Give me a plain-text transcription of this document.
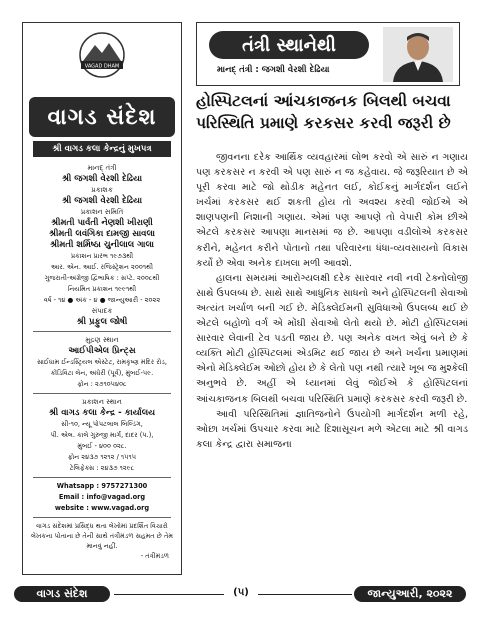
VAGAD DHAM
વાગડ સંદેશ
શ્રી વાગડ કલા કેન્દ્રનું મુખપત્ર
માનદ્ તંત્રી
શ્રી જગશી વેરશી દેઢિયા
પ્રકાશક
શ્રી જગશી વેરશી દેઢિયા
પ્રકાશન સમિતિ
શ્રીમતી પાર્વતી નેણશી ખીરાણી
શ્રીમતી લવંગિકા દામજી સાવલા
શ્રીમતી શર્મિષ્ઠા ચુનીલાલ ગાલા
પ્રકાશન પ્રારંભ ૧૯૭૩થી
આર. એન. આઈ. રજિસ્ટ્રેશન ૨૦૦૧થી
ગુજરાતી-અંગ્રેજી દ્વિભાષિક : સપ્ટે. ૨૦૦૮થી
નિયમિત પ્રકાશન ૧૯૯૧થી
વર્ષ - ૧૪ ● અંક - ૪ ● જાન્યુઆરી - ૨૦૨૨
સંપાદક
શ્રી પ્રફુલ જોષી
મુદ્રણ સ્થાન
આઈપીએલ પ્રિન્ટ્સ
સાઈધામ ઈન્ડસ્ટ્રિયલ એસ્ટેટ, રામકૃષ્ણ મંદિર રોડ,
કોંડિવિટા લેન, અંધેરી (પૂર્વ), મુંબઈ-૫૯.
ફોન : ૨૭૧૦૫૪૦૮
પ્રકાશન સ્થાન
શ્રી વાગડ કલા કેન્દ્ર - કાર્યાલય
સી-૧૦, ન્યૂ પોપટલાલ બિલ્ડિંગ,
પી. એલ. કાલે ગુરુજી માર્ગ, દાદર (પ.),
મુંબઈ - ૪૦૦ ૦૨૮.
ફોન ૨૪૩૭ ૧૨૧૨ / ૧૫૧૫
ટેલિફેક્સ : ૨૪૩૭ ૧૨૯૮
Whatsapp : 9757271300
Email : info@vagad.org
website : www.vagad.org
વાગડ સંદેશમાં પ્રસિદ્ધ થતા લેખોમાં પ્રદર્શિત વિચારો લેખકના પોતાના છે તેની સાથે તંત્રીમંડળ સહમત છે તેમ માનવું નહીં.
- તંત્રીમંડળ
તંત્રી સ્થાનેથી
માનદ્ તંત્રી : જગશી વેરશી દેઢિયા
હોસ્પિટલનાં આંચકાજનક બિલથી બચવા પરિસ્થિતિ પ્રમાણે કરકસર કરવી જરૂરી છે

જીવનના દરેક આર્થિક વ્યવહારમાં લોભ કરવો એ સારું ન ગણાય પણ કરકસર ન કરવી એ પણ સારું ન જ કહેવાય. જે જરૂરિયાત છે એ પૂરી કરવા માટે જો થોડીક મહેનત લઈ, કોઈકનું માર્ગદર્શન લઈને ખર્ચમાં કરકસર થઈ શકતી હોય તો અવશ્ય કરવી જોઈએ એ શાણપણની નિશાની ગણાય. એમાં પણ આપણે તો વેપારી કોમ છીએ એટલે કરકસર આપણા માનસમાં જ છે. આપણા વડીલોએ કરકસર કરીને, મહેનત કરીને પોતાનો તથા પરિવારના ધંધા-વ્યવસાયનો વિકાસ કર્યો છે એવા અનેક દાખલા મળી આવશે.

હાલના સમયમાં આરોગ્યલક્ષી દરેક સારવાર નવી નવી ટેક્નોલોજી સાથે ઉપલબ્ધ છે. સાથે સાથે આધુનિક સાધનો અને હોસ્પિટલની સેવાઓ અત્યંત ખર્ચાળ બની ગઈ છે. મેડિક્લેઈમની સુવિધાઓ ઉપલબ્ધ થઈ છે એટલે બહોળો વર્ગ એ મોંઘી સેવાઓ લેતો થયો છે. મોટી હોસ્પિટલમાં સારવાર લેવાની ટેવ પડતી જાય છે. પણ અનેક વખત એવું બને છે કે વ્યક્તિ મોટી હોસ્પિટલમાં એડમિટ થઈ જાય છે અને ખર્ચના પ્રમાણમાં એનો મેડિક્લેઈમ ઓછો હોય છે કે લેતો પણ નથી ત્યારે ખૂબ જ મુશ્કેલી અનુભવે છે. અહીં એ ધ્યાનમાં લેવું જોઈએ કે હોસ્પિટલનાં આંચકાજનક બિલથી બચવા પરિસ્થિતિ પ્રમાણે કરકસર કરવી જરૂરી છે.

આવી પરિસ્થિતિમાં જ્ઞાતિજનોને ઉપયોગી માર્ગદર્શન મળી રહે, ઓછા ખર્ચમાં ઉપચાર કરવા માટે દિશાસૂચન મળે એટલા માટે શ્રી વાગડ કલા કેન્દ્ર દ્વારા સમાજના

વાગડ સંદેશ	(૫)	જાન્યુઆરી, ૨૦૨૨
